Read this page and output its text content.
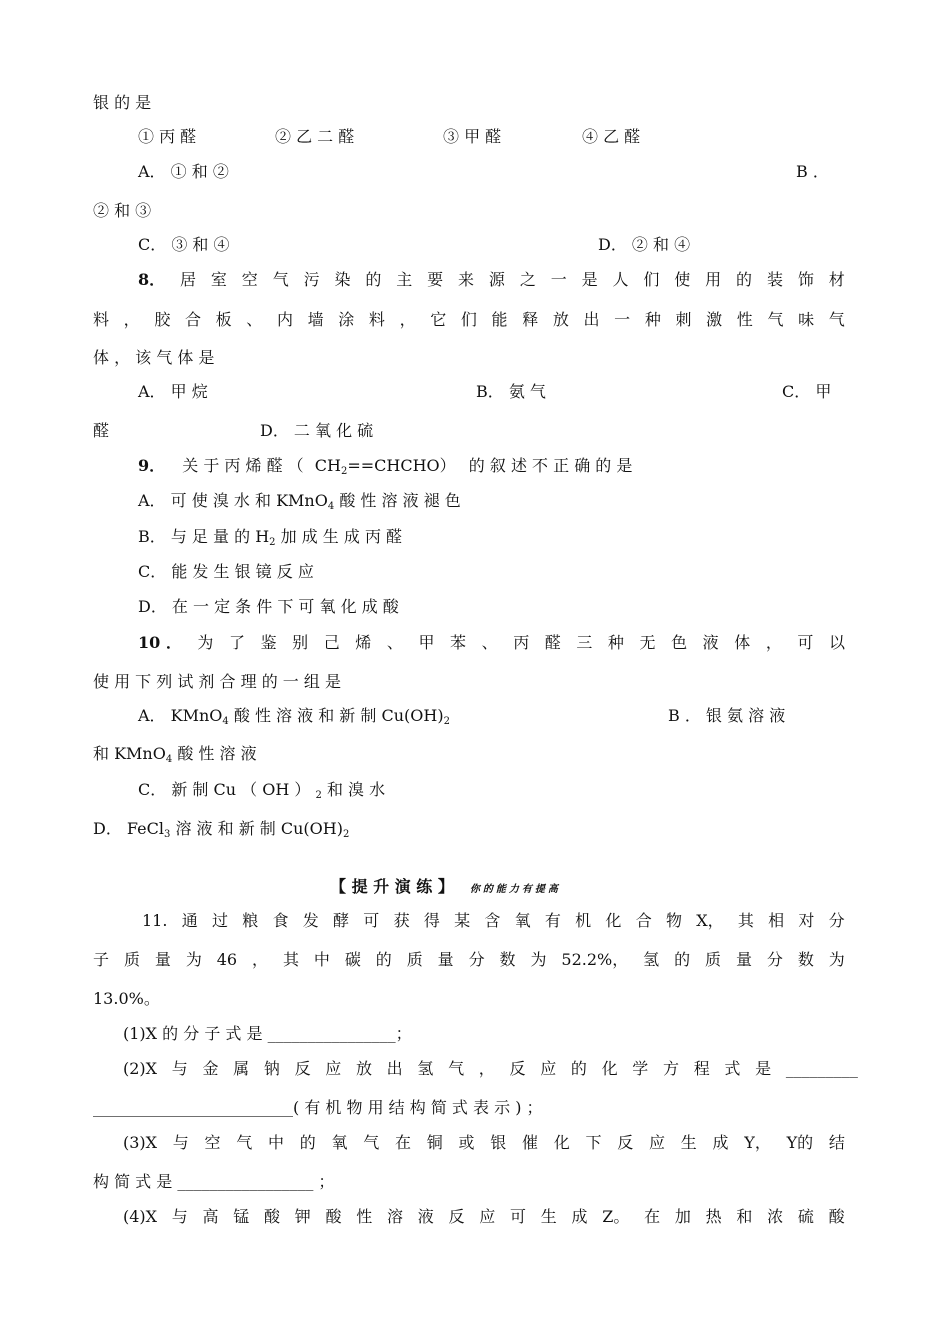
银 的 是
① 丙 醛	② 乙 二 醛	③ 甲 醛	④ 乙 醛
A． ① 和 ②	B ．
② 和 ③
C． ③ 和 ④	D． ② 和 ④
8． 居 室 空 气 污 染 的 主 要 来 源 之 一 是 人 们 使 用 的 装 饰 材
料 ， 胶 合 板 、 内 墙 涂 料 ， 它 们 能 释 放 出 一 种 刺 激 性 气 味 气
体 ， 该 气 体 是
A． 甲 烷	B． 氨 气	C． 甲
醛	D． 二 氧 化 硫
9． 关 于 丙 烯 醛 （ $CH_2==CHCHO$） 的 叙 述 不 正 确 的 是
A． 可 使 溴 水 和 KMnO$_4$ 酸 性 溶 液 褪 色
B． 与 足 量 的 $H_2$ 加 成 生 成 丙 醛
C． 能 发 生 银 镜 反 应
D． 在 一 定 条 件 下 可 氧 化 成 酸
10 ． 为 了 鉴 别 己 烯 、 甲 苯 、 丙 醛 三 种 无 色 液 体 ， 可 以
使 用 下 列 试 剂 合 理 的 一 组 是
A． KMnO$_4$ 酸 性 溶 液 和 新 制 $Cu(OH)_2$	B ． 银 氨 溶 液
和 KMnO$_4$ 酸 性 溶 液
C． 新 制 Cu （ OH ） $_2$ 和 溴 水
D． FeCl$_3$ 溶 液 和 新 制 $Cu(OH)_2$
【 提 升 演 练 】 你的能力有提高
11. 通 过 粮 食 发 酵 可 获 得 某 含 氧 有 机 化 合 物 X， 其 相 对 分
子 质 量 为 46 ， 其 中 碳 的 质 量 分 数 为 52.2%， 氢 的 质 量 分 数 为
13.0%。
(1)X 的 分 子 式 是 ________________；
(2)X 与 金 属 钠 反 应 放 出 氢 气 ， 反 应 的 化 学 方 程 式 是 _________
_________________________( 有 机 物 用 结 构 简 式 表 示 ) ；
(3)X 与 空 气 中 的 氧 气 在 铜 或 银 催 化 下 反 应 生 成 Y， Y的 结
构 简 式 是 _________________ ；
(4)X 与 高 锰 酸 钾 酸 性 溶 液 反 应 可 生 成 Z。 在 加 热 和 浓 硫 酸
